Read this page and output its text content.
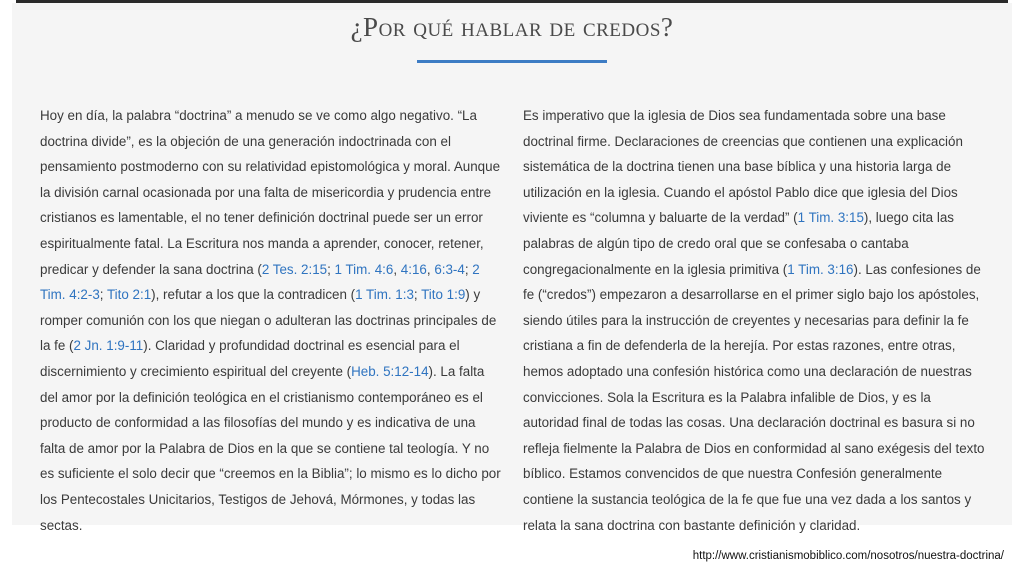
¿Por qué hablar de credos?
Hoy en día, la palabra “doctrina” a menudo se ve como algo negativo. “La doctrina divide”, es la objeción de una generación indoctrinada con el pensamiento postmoderno con su relatividad epistomológica y moral. Aunque la división carnal ocasionada por una falta de misericordia y prudencia entre cristianos es lamentable, el no tener definición doctrinal puede ser un error espiritualmente fatal. La Escritura nos manda a aprender, conocer, retener, predicar y defender la sana doctrina (2 Tes. 2:15; 1 Tim. 4:6, 4:16, 6:3-4; 2 Tim. 4:2-3; Tito 2:1), refutar a los que la contradicen (1 Tim. 1:3; Tito 1:9) y romper comunión con los que niegan o adulteran las doctrinas principales de la fe (2 Jn. 1:9-11). Claridad y profundidad doctrinal es esencial para el discernimiento y crecimiento espiritual del creyente (Heb. 5:12-14). La falta del amor por la definición teológica en el cristianismo contemporáneo es el producto de conformidad a las filosofías del mundo y es indicativa de una falta de amor por la Palabra de Dios en la que se contiene tal teología. Y no es suficiente el solo decir que “creemos en la Biblia”; lo mismo es lo dicho por los Pentecostales Unicitarios, Testigos de Jehová, Mórmones, y todas las sectas.
Es imperativo que la iglesia de Dios sea fundamentada sobre una base doctrinal firme. Declaraciones de creencias que contienen una explicación sistemática de la doctrina tienen una base bíblica y una historia larga de utilización en la iglesia. Cuando el apóstol Pablo dice que iglesia del Dios viviente es “columna y baluarte de la verdad” (1 Tim. 3:15), luego cita las palabras de algún tipo de credo oral que se confesaba o cantaba congregacionalmente en la iglesia primitiva (1 Tim. 3:16). Las confesiones de fe (“credos”) empezaron a desarrollarse en el primer siglo bajo los apóstoles, siendo útiles para la instrucción de creyentes y necesarias para definir la fe cristiana a fin de defenderla de la herejía. Por estas razones, entre otras, hemos adoptado una confesión histórica como una declaración de nuestras convicciones. Sola la Escritura es la Palabra infalible de Dios, y es la autoridad final de todas las cosas. Una declaración doctrinal es basura si no refleja fielmente la Palabra de Dios en conformidad al sano exégesis del texto bíblico. Estamos convencidos de que nuestra Confesión generalmente contiene la sustancia teológica de la fe que fue una vez dada a los santos y relata la sana doctrina con bastante definición y claridad.
http://www.cristianismobiblico.com/nosotros/nuestra-doctrina/
